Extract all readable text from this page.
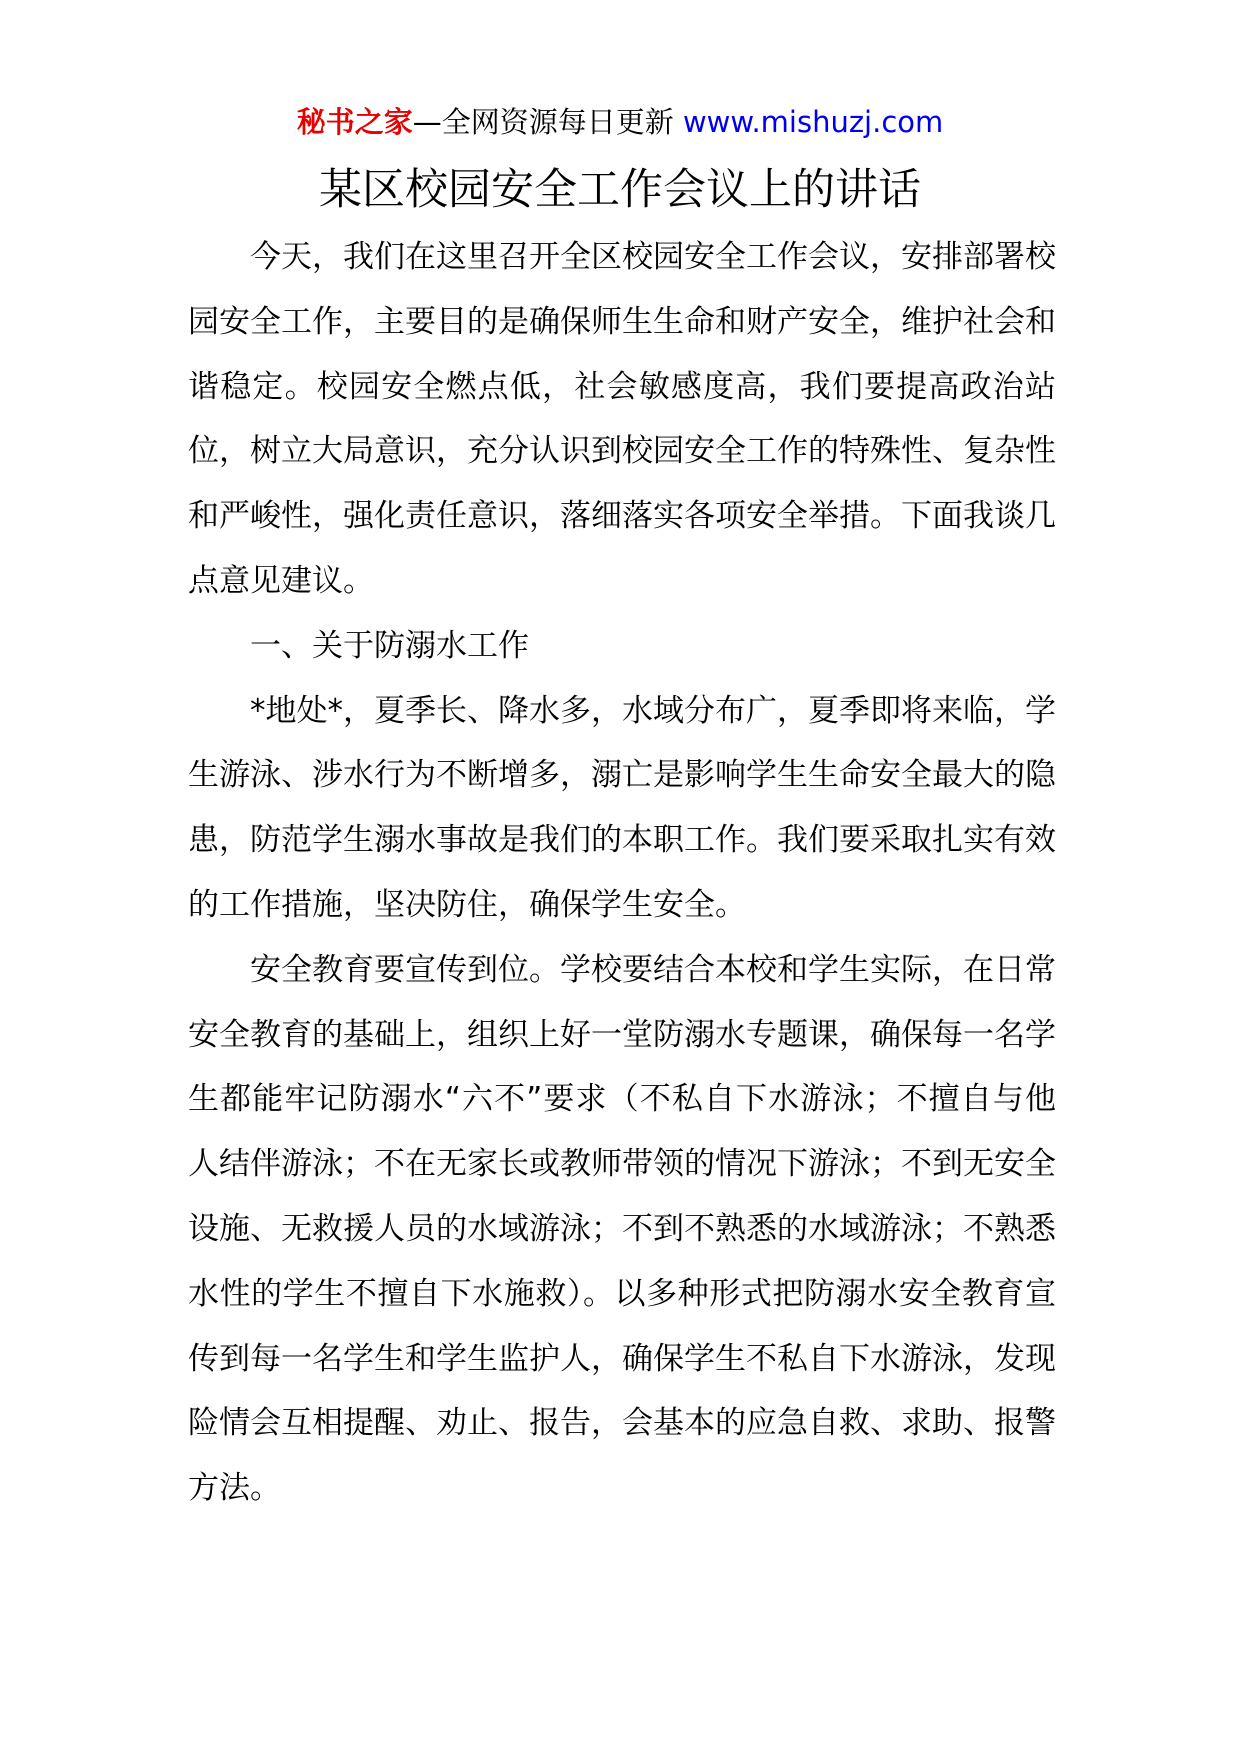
秘书之家—全网资源每日更新 www.mishuzj.com
某区校园安全工作会议上的讲话

今天，我们在这里召开全区校园安全工作会议，安排部署校园安全工作，主要目的是确保师生生命和财产安全，维护社会和谐稳定。校园安全燃点低，社会敏感度高，我们要提高政治站位，树立大局意识，充分认识到校园安全工作的特殊性、复杂性和严峻性，强化责任意识，落细落实各项安全举措。下面我谈几点意见建议。

一、关于防溺水工作

*地处*，夏季长、降水多，水域分布广，夏季即将来临，学生游泳、涉水行为不断增多，溺亡是影响学生生命安全最大的隐患，防范学生溺水事故是我们的本职工作。我们要采取扎实有效的工作措施，坚决防住，确保学生安全。

安全教育要宣传到位。学校要结合本校和学生实际，在日常安全教育的基础上，组织上好一堂防溺水专题课，确保每一名学生都能牢记防溺水“六不”要求（不私自下水游泳；不擅自与他人结伴游泳；不在无家长或教师带领的情况下游泳；不到无安全设施、无救援人员的水域游泳；不到不熟悉的水域游泳；不熟悉水性的学生不擅自下水施救）。以多种形式把防溺水安全教育宣传到每一名学生和学生监护人，确保学生不私自下水游泳，发现险情会互相提醒、劝止、报告，会基本的应急自救、求助、报警方法。
